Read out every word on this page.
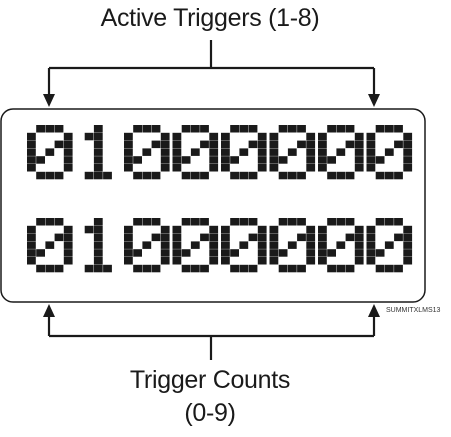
Active Triggers (1-8)
SUMMITXLMS13
Trigger Counts
(0-9)
